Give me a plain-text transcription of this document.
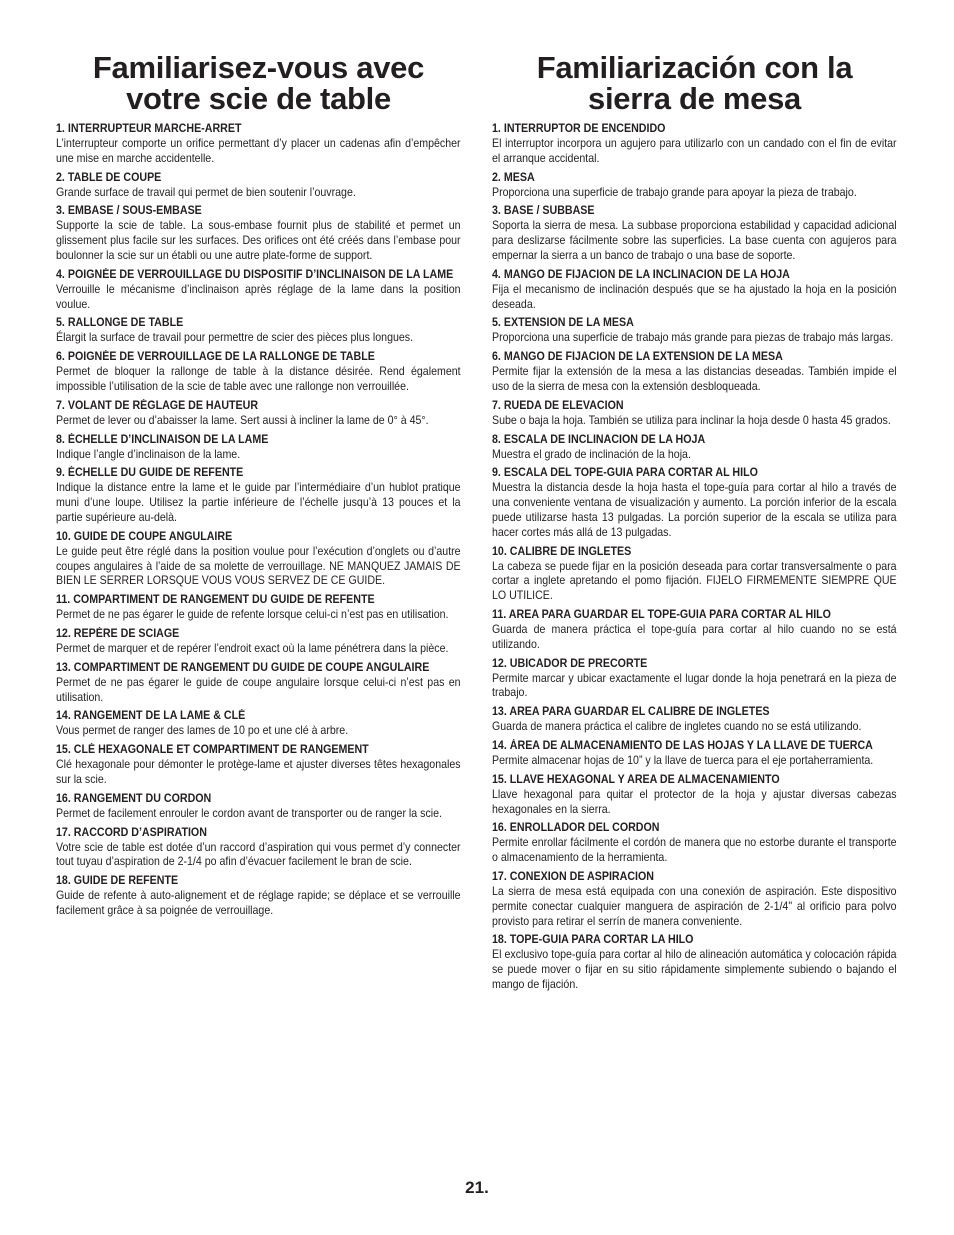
Familiarisez-vous avec
votre scie de table

1. INTERRUPTEUR MARCHE-ARRET

L’interrupteur comporte un orifice permettant d’y placer un cadenas afin d’empêcher une mise en marche accidentelle.

2. TABLE DE COUPE

Grande surface de travail qui permet de bien soutenir l’ouvrage.

3. EMBASE / SOUS-EMBASE

Supporte la scie de table. La sous-embase fournit plus de stabilité et permet un glissement plus facile sur les surfaces. Des orifices ont été créés dans l’embase pour boulonner la scie sur un établi ou une autre plate-forme de support.

4. POIGNÉE DE VERROUILLAGE DU DISPOSITIF D’INCLINAISON DE LA LAME

Verrouille le mécanisme d’inclinaison après réglage de la lame dans la position voulue.

5. RALLONGE DE TABLE

Élargit la surface de travail pour permettre de scier des pièces plus longues.

6. POIGNÉE DE VERROUILLAGE DE LA RALLONGE DE TABLE

Permet de bloquer la rallonge de table à la distance désirée. Rend également impossible l’utilisation de la scie de table avec une rallonge non verrouillée.

7. VOLANT DE RÉGLAGE DE HAUTEUR

Permet de lever ou d’abaisser la lame. Sert aussi à incliner la lame de 0° à 45°.

8. ÉCHELLE D’INCLINAISON DE LA LAME

Indique l’angle d’inclinaison de la lame.

9. ÉCHELLE DU GUIDE DE REFENTE

Indique la distance entre la lame et le guide par l’intermédiaire d’un hublot pratique muni d’une loupe. Utilisez la partie inférieure de l’échelle jusqu’à 13 pouces et la partie supérieure au-delà.

10. GUIDE DE COUPE ANGULAIRE

Le guide peut être réglé dans la position voulue pour l’exécution d’onglets ou d’autre coupes angulaires à l’aide de sa molette de verrouillage. NE MANQUEZ JAMAIS DE BIEN LE SERRER LORSQUE VOUS VOUS SERVEZ DE CE GUIDE.

11. COMPARTIMENT DE RANGEMENT DU GUIDE DE REFENTE

Permet de ne pas égarer le guide de refente lorsque celui-ci n’est pas en utilisation.

12. REPÈRE DE SCIAGE

Permet de marquer et de repérer l’endroit exact où la lame pénétrera dans la pièce.

13. COMPARTIMENT DE RANGEMENT DU GUIDE DE COUPE ANGULAIRE

Permet de ne pas égarer le guide de coupe angulaire lorsque celui-ci n’est pas en utilisation.

14. RANGEMENT DE LA LAME & CLÉ

Vous permet de ranger des lames de 10 po et une clé à arbre.

15. CLÉ HEXAGONALE ET COMPARTIMENT DE RANGEMENT

Clé hexagonale pour démonter le protège-lame et ajuster diverses têtes hexagonales sur la scie.

16. RANGEMENT DU CORDON

Permet de facilement enrouler le cordon avant de transporter ou de ranger la scie.

17. RACCORD D’ASPIRATION

Votre scie de table est dotée d’un raccord d’aspiration qui vous permet d’y connecter tout tuyau d’aspiration de 2-1/4 po afin d’évacuer facilement le bran de scie.

18. GUIDE DE REFENTE

Guide de refente à auto-alignement et de réglage rapide; se déplace et se verrouille facilement grâce à sa poignée de verrouillage.

Familiarización con la
sierra de mesa

1. INTERRUPTOR DE ENCENDIDO

El interruptor incorpora un agujero para utilizarlo con un candado con el fin de evitar el arranque accidental.

2. MESA

Proporciona una superficie de trabajo grande para apoyar la pieza de trabajo.

3. BASE / SUBBASE

Soporta la sierra de mesa. La subbase proporciona estabilidad y capacidad adicional para deslizarse fácilmente sobre las superficies. La base cuenta con agujeros para empernar la sierra a un banco de trabajo o una base de soporte.

4. MANGO DE FIJACION DE LA INCLINACION DE LA HOJA

Fija el mecanismo de inclinación después que se ha ajustado la hoja en la posición deseada.

5. EXTENSION DE LA MESA

Proporciona una superficie de trabajo más grande para piezas de trabajo más largas.

6. MANGO DE FIJACION DE LA EXTENSION DE LA MESA

Permite fijar la extensión de la mesa a las distancias deseadas. También impide el uso de la sierra de mesa con la extensión desbloqueada.

7. RUEDA DE ELEVACION

Sube o baja la hoja. También se utiliza para inclinar la hoja desde 0 hasta 45 grados.

8. ESCALA DE INCLINACION DE LA HOJA

Muestra el grado de inclinación de la hoja.

9. ESCALA DEL TOPE-GUIA PARA CORTAR AL HILO

Muestra la distancia desde la hoja hasta el tope-guía para cortar al hilo a través de una conveniente ventana de visualización y aumento. La porción inferior de la escala puede utilizarse hasta 13 pulgadas. La porción superior de la escala se utiliza para hacer cortes más allá de 13 pulgadas.

10. CALIBRE DE INGLETES

La cabeza se puede fijar en la posición deseada para cortar transversalmente o para cortar a inglete apretando el pomo fijación. FIJELO FIRMEMENTE SIEMPRE QUE LO UTILICE.

11. AREA PARA GUARDAR EL TOPE-GUIA PARA CORTAR AL HILO

Guarda de manera práctica el tope-guía para cortar al hilo cuando no se está utilizando.

12. UBICADOR DE PRECORTE

Permite marcar y ubicar exactamente el lugar donde la hoja penetrará en la pieza de trabajo.

13. AREA PARA GUARDAR EL CALIBRE DE INGLETES

Guarda de manera práctica el calibre de ingletes cuando no se está utilizando.

14. ÁREA DE ALMACENAMIENTO DE LAS HOJAS Y LA LLAVE DE TUERCA

Permite almacenar hojas de 10” y la llave de tuerca para el eje portaherramienta.

15. LLAVE HEXAGONAL Y AREA DE ALMACENAMIENTO

Llave hexagonal para quitar el protector de la hoja y ajustar diversas cabezas hexagonales en la sierra.

16. ENROLLADOR DEL CORDON

Permite enrollar fácilmente el cordón de manera que no estorbe durante el transporte o almacenamiento de la herramienta.

17. CONEXION DE ASPIRACION

La sierra de mesa está equipada con una conexión de aspiración. Este dispositivo permite conectar cualquier manguera de aspiración de 2-1/4" al orificio para polvo provisto para retirar el serrín de manera conveniente.

18. TOPE-GUIA PARA CORTAR LA HILO

El exclusivo tope-guía para cortar al hilo de alineación automática y colocación rápida se puede mover o fijar en su sitio rápidamente simplemente subiendo o bajando el mango de fijación.

21.
